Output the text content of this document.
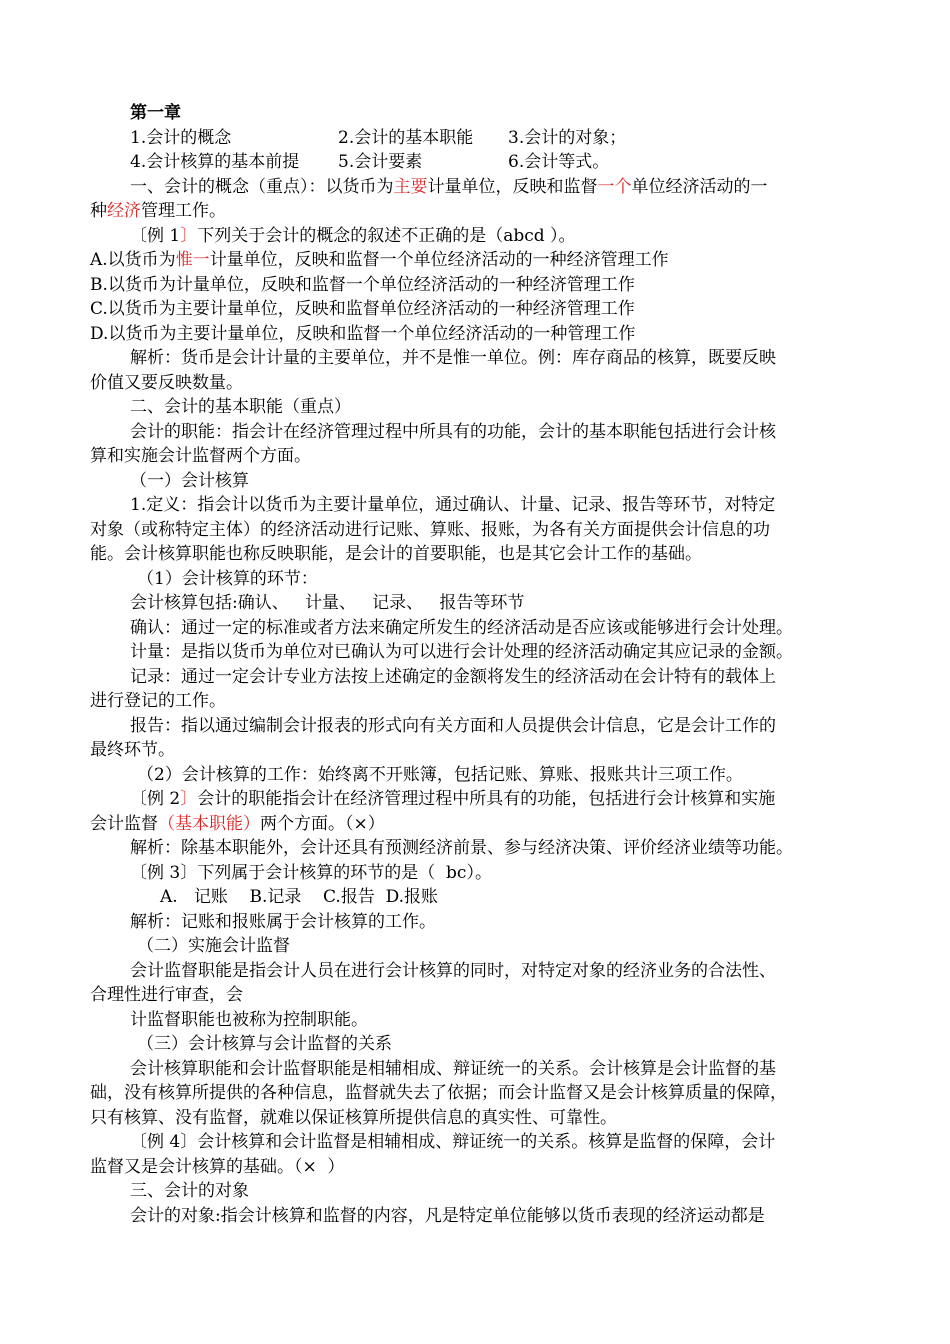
第一章
1.会计的概念	2.会计的基本职能 3.会计的对象；
4.会计核算的基本前提 5.会计要素	6.会计等式。
一、会计的概念（重点）：以货币为主要计量单位，反映和监督一个单位经济活动的一
种经济管理工作。
〔例 1〕下列关于会计的概念的叙述不正确的是（abcd ）。
A.以货币为惟一计量单位，反映和监督一个单位经济活动的一种经济管理工作
B.以货币为计量单位，反映和监督一个单位经济活动的一种经济管理工作
C.以货币为主要计量单位，反映和监督单位经济活动的一种经济管理工作
D.以货币为主要计量单位，反映和监督一个单位经济活动的一种管理工作
解析：货币是会计计量的主要单位，并不是惟一单位。例：库存商品的核算，既要反映
价值又要反映数量。
二、会计的基本职能（重点）
会计的职能：指会计在经济管理过程中所具有的功能，会计的基本职能包括进行会计核
算和实施会计监督两个方面。
（一）会计核算
1.定义：指会计以货币为主要计量单位，通过确认、计量、记录、报告等环节，对特定
对象（或称特定主体）的经济活动进行记账、算账、报账，为各有关方面提供会计信息的功
能。会计核算职能也称反映职能，是会计的首要职能，也是其它会计工作的基础。
（1）会计核算的环节：
会计核算包括:确认、   计量、   记录、   报告等环节
确认：通过一定的标准或者方法来确定所发生的经济活动是否应该或能够进行会计处理。
计量：是指以货币为单位对已确认为可以进行会计处理的经济活动确定其应记录的金额。
记录：通过一定会计专业方法按上述确定的金额将发生的经济活动在会计特有的载体上
进行登记的工作。
报告：指以通过编制会计报表的形式向有关方面和人员提供会计信息，它是会计工作的
最终环节。
（2）会计核算的工作：始终离不开账簿，包括记账、算账、报账共计三项工作。
〔例 2〕会计的职能指会计在经济管理过程中所具有的功能，包括进行会计核算和实施
会计监督（基本职能）两个方面。（×）
解析：除基本职能外，会计还具有预测经济前景、参与经济决策、评价经济业绩等功能。
〔例 3〕下列属于会计核算的环节的是（  bc）。
A.   记账    B.记录    C.报告  D.报账
解析：记账和报账属于会计核算的工作。
（二）实施会计监督
会计监督职能是指会计人员在进行会计核算的同时，对特定对象的经济业务的合法性、
合理性进行审查，会
计监督职能也被称为控制职能。
（三）会计核算与会计监督的关系
会计核算职能和会计监督职能是相辅相成、辩证统一的关系。会计核算是会计监督的基
础，没有核算所提供的各种信息，监督就失去了依据；而会计监督又是会计核算质量的保障，
只有核算、没有监督，就难以保证核算所提供信息的真实性、可靠性。
〔例 4〕会计核算和会计监督是相辅相成、辩证统一的关系。核算是监督的保障，会计
监督又是会计核算的基础。（×  ）
三、会计的对象
会计的对象:指会计核算和监督的内容，凡是特定单位能够以货币表现的经济运动都是
